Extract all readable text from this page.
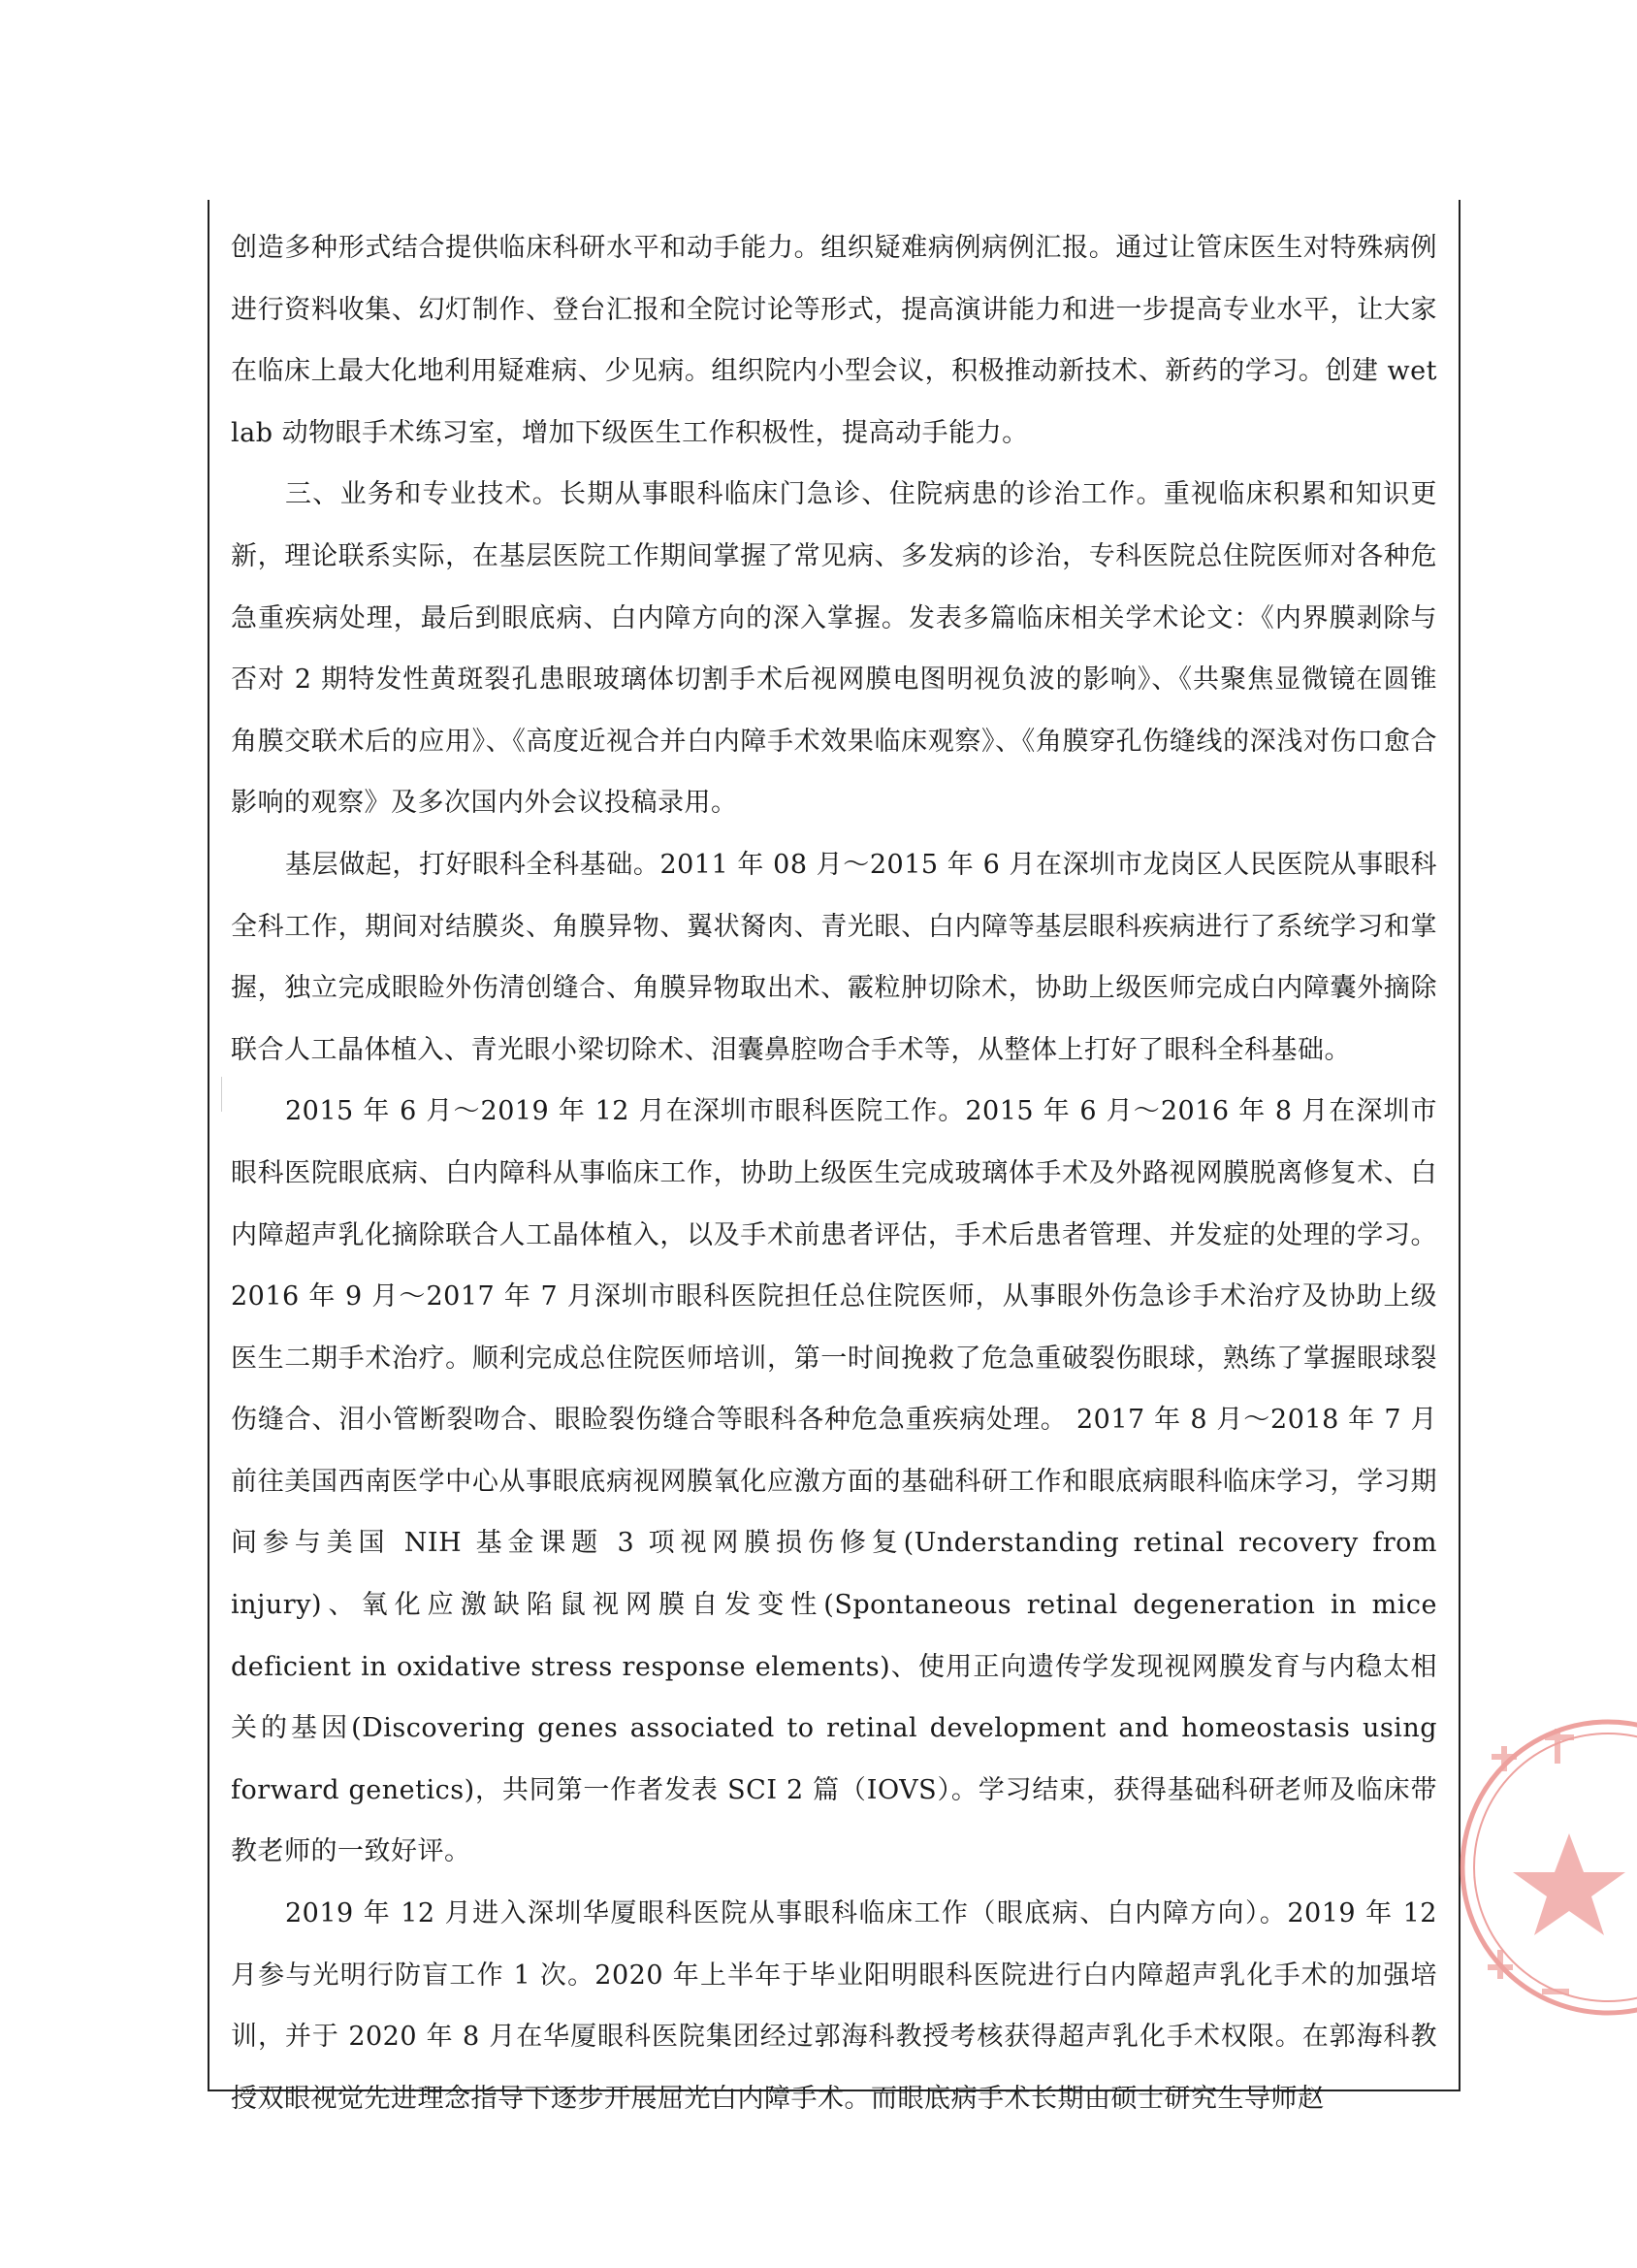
创造多种形式结合提供临床科研水平和动手能力。组织疑难病例病例汇报。通过让管床医生对特殊病例进行资料收集、幻灯制作、登台汇报和全院讨论等形式，提高演讲能力和进一步提高专业水平，让大家在临床上最大化地利用疑难病、少见病。组织院内小型会议，积极推动新技术、新药的学习。创建 wet lab 动物眼手术练习室，增加下级医生工作积极性，提高动手能力。

三、业务和专业技术。长期从事眼科临床门急诊、住院病患的诊治工作。重视临床积累和知识更新，理论联系实际，在基层医院工作期间掌握了常见病、多发病的诊治，专科医院总住院医师对各种危急重疾病处理，最后到眼底病、白内障方向的深入掌握。发表多篇临床相关学术论文：《内界膜剥除与否对 2 期特发性黄斑裂孔患眼玻璃体切割手术后视网膜电图明视负波的影响》、《共聚焦显微镜在圆锥角膜交联术后的应用》、《高度近视合并白内障手术效果临床观察》、《角膜穿孔伤缝线的深浅对伤口愈合影响的观察》及多次国内外会议投稿录用。

基层做起，打好眼科全科基础。2011 年 08 月～2015 年 6 月在深圳市龙岗区人民医院从事眼科全科工作，期间对结膜炎、角膜异物、翼状胬肉、青光眼、白内障等基层眼科疾病进行了系统学习和掌握，独立完成眼睑外伤清创缝合、角膜异物取出术、霰粒肿切除术，协助上级医师完成白内障囊外摘除联合人工晶体植入、青光眼小梁切除术、泪囊鼻腔吻合手术等，从整体上打好了眼科全科基础。

2015 年 6 月～2019 年 12 月在深圳市眼科医院工作。2015 年 6 月～2016 年 8 月在深圳市眼科医院眼底病、白内障科从事临床工作，协助上级医生完成玻璃体手术及外路视网膜脱离修复术、白内障超声乳化摘除联合人工晶体植入，以及手术前患者评估，手术后患者管理、并发症的处理的学习。2016 年 9 月～2017 年 7 月深圳市眼科医院担任总住院医师，从事眼外伤急诊手术治疗及协助上级医生二期手术治疗。顺利完成总住院医师培训，第一时间挽救了危急重破裂伤眼球，熟练了掌握眼球裂伤缝合、泪小管断裂吻合、眼睑裂伤缝合等眼科各种危急重疾病处理。 2017 年 8 月～2018 年 7 月前往美国西南医学中心从事眼底病视网膜氧化应激方面的基础科研工作和眼底病眼科临床学习，学习期间参与美国 NIH 基金课题 3 项视网膜损伤修复(Understanding retinal recovery from injury)、氧化应激缺陷鼠视网膜自发变性(Spontaneous retinal degeneration in mice deficient in oxidative stress response elements)、使用正向遗传学发现视网膜发育与内稳太相关的基因(Discovering genes associated to retinal development and homeostasis using forward genetics)，共同第一作者发表 SCI 2 篇（IOVS）。学习结束，获得基础科研老师及临床带教老师的一致好评。

2019 年 12 月进入深圳华厦眼科医院从事眼科临床工作（眼底病、白内障方向）。2019 年 12 月参与光明行防盲工作 1 次。2020 年上半年于毕业阳明眼科医院进行白内障超声乳化手术的加强培训，并于 2020 年 8 月在华厦眼科医院集团经过郭海科教授考核获得超声乳化手术权限。在郭海科教授双眼视觉先进理念指导下逐步开展屈光白内障手术。而眼底病手术长期由硕士研究生导师赵
